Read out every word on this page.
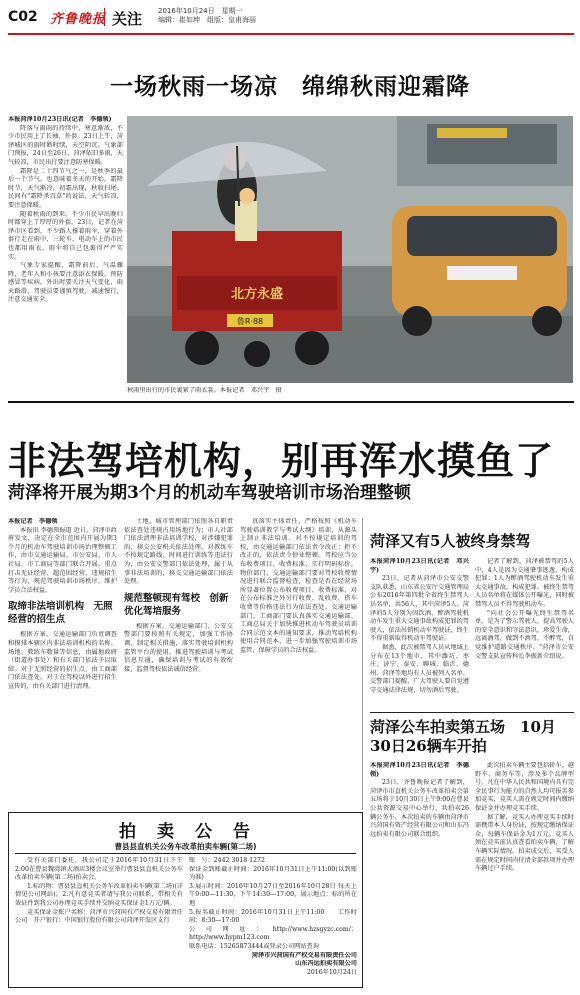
C02 齐鲁晚报 关注 2016年10月24日　 星期一
编辑：崔如坤　 组版：皇甫海丽
一场秋雨一场凉　绵绵秋雨迎霜降
本报菏泽10月23日讯(记者　李德领)
降落与雨雨的持续中，寒意渐浓，不少市民用上了长袖、外套。23日上午，菏泽城区的雨时断时续，天空阴沉。气象部门预报，24日至26日，菏泽依旧多雨，天气较凉，市民出行要注意防寒保暖。
霜降是二十四节气之一，是秋季的最后一个节气，也意味着冬天的开始。霜降时节，天气渐冷，初霜出现，秋收扫尾。民间有"霜降杀百草"的说法，天气转凉，要注意保暖。
随着秋雨的到来，不少市民早出晚归时都穿上了厚厚的外套。23日，记者在菏泽市区看到，不少路人撑着雨伞，穿着外套行走在雨中，三轮车、电动车上的市民也都用雨衣、雨伞将自己包裹得严严实实。
气象专家提醒，霜降前后，气温骤降，老年人和小孩要注意添衣保暖，预防感冒等疾病。外出时要关注天气变化，雨天路滑，驾驶员要谨慎驾驶，减速慢行，注意交通安全。	北方永盛
鲁R·88
秋雨里出行的市民裹紧了雨衣裳。本报记者　邓兴宇　摄
非法驾培机构，别再浑水摸鱼了
菏泽将开展为期3个月的机动车驾驶培训市场治理整顿
本报记者　李德领
本报讯 李德领报道 近日，菏泽市政府发文，决定在全市范围内开展为期3个月的机动车驾驶培训市场治理整顿工作，由市交通运输局、市公安局、市人社局、市工商局等部门联合开展，重点打击无证经营、超范围经营、违规招生等行为，规范驾驶培训市场秩序，维护学员合法权益。
取缔非法培训机构　无照经营的招生点
根据方案，交通运输部门负责调查和摸排本辖区内非法培训机构的名称、场地、教练车数量等信息，由属地政府（街道办事处）和有关部门依法予以取缔。对于无照经营的招生点，由工商部门依法查处。对于在驾校以外进行招生宣传的，由有关部门进行清理。
土地、城市管理部门依照各自职责依法查处违规占用场地行为；市人社部门依法清理非法培训学校，对涉嫌犯罪的，移交公安机关依法处理。对教练车不按规定路线、时间进行训练等违法行为，由公安交警部门依法处理，属于从事非法培训的，移交交通运输部门依法处理。
规范整顿现有驾校　创新优化驾培服务
根据方案，交通运输部门、公安交警部门要按照有关规定，加强工作协调，制定相关措施，落实驾驶培训机构监管平台的使用，推进驾驶培训与考试信息互通，确保培训与考试的有效衔接，监督驾校依法诚信经营。
真落实主体责任，严格按照《机动车驾驶培训教学与考试大纲》培训，从源头上制止非法培训。对不按规定培训的驾校，由交通运输部门依法责令改正；拒不改正的，依法责令停业整顿。驾校应当公布收费项目、收费标准，实行明码标价。物价部门、交通运输部门要对驾校收费情况进行联合监督检查，检查是否在经营场所显著位置公布收费项目、收费标准，对在公布标准之外另行收费、乱收费、搭车收费等价格违法行为依法查处。交通运输部门、工商部门要认真落实交通运输部、工商总局关于加快推进机动车驾驶员培训合同示范文本的通知要求，推动驾培机构使用合同范本，进一步加强驾驶培训市场监管，保障学员的合法权益。
菏泽又有5人被终身禁驾
本报菏泽10月23日讯(记者　邓兴宇)
23日，记者从菏泽市公安交警支队获悉，山东省公安厅交通管理局公布2016年第四批全省终生禁驾人员名单，共56人，其中菏泽5人。菏泽的5人分别为因饮酒、醉酒驾驶机动车发生重大交通事故构成犯罪的驾驶人，依法吊销机动车驾驶证，终生不得重新取得机动车驾驶证。
据悉，此次被禁驾人员从地域上分布在13个地市，其中潍坊、枣庄、济宁、泰安、聊城、临沂、德州、菏泽等地均有人员被列入名单。交警部门提醒，广大驾驶人要自觉遵守交通法律法规，切勿酒后驾驶。
记者了解到，菏泽被禁驾的5人中，4人是因为交通肇事逃逸，构成犯罪；1人为醉酒驾驶机动车发生重大交通事故，构成犯罪。被终生禁驾人员名单将在媒体公开曝光，同时被禁驾人员不得驾驶机动车。
"向社会公开曝光终生禁驾名单，是为了警示驾驶人，提高驾驶人的安全意识和守法意识，珍爱生命，远离酒驾，做到不酒驾，不醉驾，自觉维护道路交通秩序。"菏泽市公安交警支队宣传科长李振新介绍说。
菏泽公车拍卖第五场　10月30日26辆车开拍
本报菏泽10月23日讯(记者　李德领)
23日，齐鲁晚报记者了解到，菏泽市市直机关公务车改革拍卖会第五场将于10月30日上午9:00在曹县公共资源交易中心举行，共拍卖26辆公务车。本次拍卖的车辆由菏泽市兴菏国有资产经营有限公司和山东冯远拍卖有限公司联合组织。
此次拍卖车辆主要包括轿车、越野车、商务车等，涉及多个品牌型号。凡在中华人民共和国境内具有完全民事行为能力的自然人均可报名参加竞买，竞买人需在规定时间内缴纳保证金并办理竞买手续。
据了解，竞买人办理竞买手续时需携带本人身份证，按规定缴纳保证金，每辆车保证金为1万元。竞买人须在竞买前认真查看拍卖车辆，了解车辆实际情况。拍卖成交后，买受人需在规定时间内付清全部款项并办理车辆过户手续。
拍　卖　公　告
曹县县直机关公务车改革拍卖车辆(第二场)
受有关部门委托，我公司定于2016年10月31日下午2:00在曹县魏湾镇大酒店3楼会议室举行曹县县直机关公务车改革拍卖车辆(第二场)拍卖会。
1.标的物：曹县县直机关公务车改革拍卖车辆(第二场)(详情见公司网站)。2.凡有意竞买者请与我公司联系，带相关有效证件到我公司办理竞买手续并交纳竞买保证金1万元/辆。
竞买保证金账户名称：菏泽市兴菏国有产权交易有限责任公司　开户银行：中国银行股份有限公司菏泽开发区支行
账　号：2442 3018 1272
保证金到账截止时间：2016年10月31日上午11:00(以到账为准)
3.展示时间：2016年10月27日至2016年10月28日 每天上午9:00—11:30，下午14:30—17:00，展示地点：标的所在地
5.报名截止时间：2016年10月31日上午11:00　　工作时间：8:30—17:00
公司网址：http://www.hzsgyzc.com/；http://www.hypm123.com
联系电话：15265873444或登录公司网站查询
菏泽市兴菏国有产权交易有限责任公司
山东冯远拍卖有限公司
2016年10月24日
